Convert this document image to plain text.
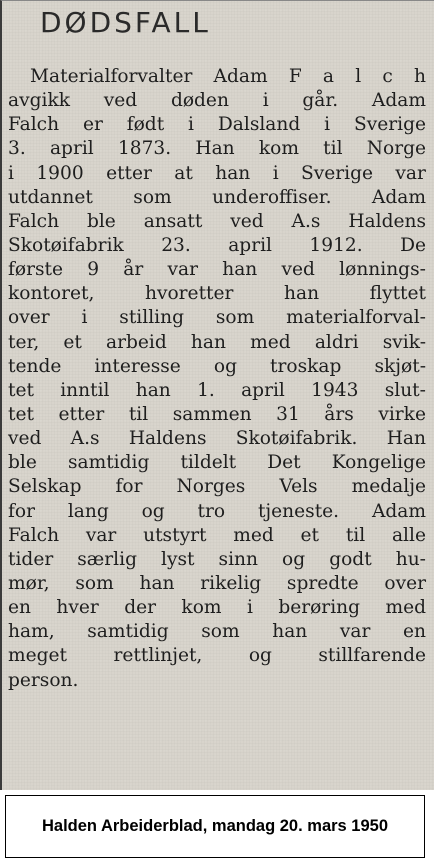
DØDSFALL
Materialforvalter Adam F a l c h
avgikk ved døden i går. Adam
Falch er født i Dalsland i Sverige
3. april 1873. Han kom til Norge
i 1900 etter at han i Sverige var
utdannet som underoffiser. Adam
Falch ble ansatt ved A.s Haldens
Skotøifabrik 23. april 1912. De
første 9 år var han ved lønnings-
kontoret,	hvoretter	han	flyttet
over i stilling som materialforval-
ter, et arbeid han med aldri svik-
tende interesse og troskap skjøt-
tet inntil han 1. april 1943 slut-
tet etter til sammen 31 års virke
ved A.s Haldens Skotøifabrik. Han
ble samtidig tildelt Det Kongelige
Selskap for Norges Vels medalje
for lang og tro tjeneste. Adam
Falch var utstyrt med et til alle
tider særlig lyst sinn og godt hu-
mør, som han rikelig spredte over
en hver der kom i berøring med
ham, samtidig som han var en
meget rettlinjet, og stillfarende
person.
Halden Arbeiderblad, mandag 20. mars 1950
